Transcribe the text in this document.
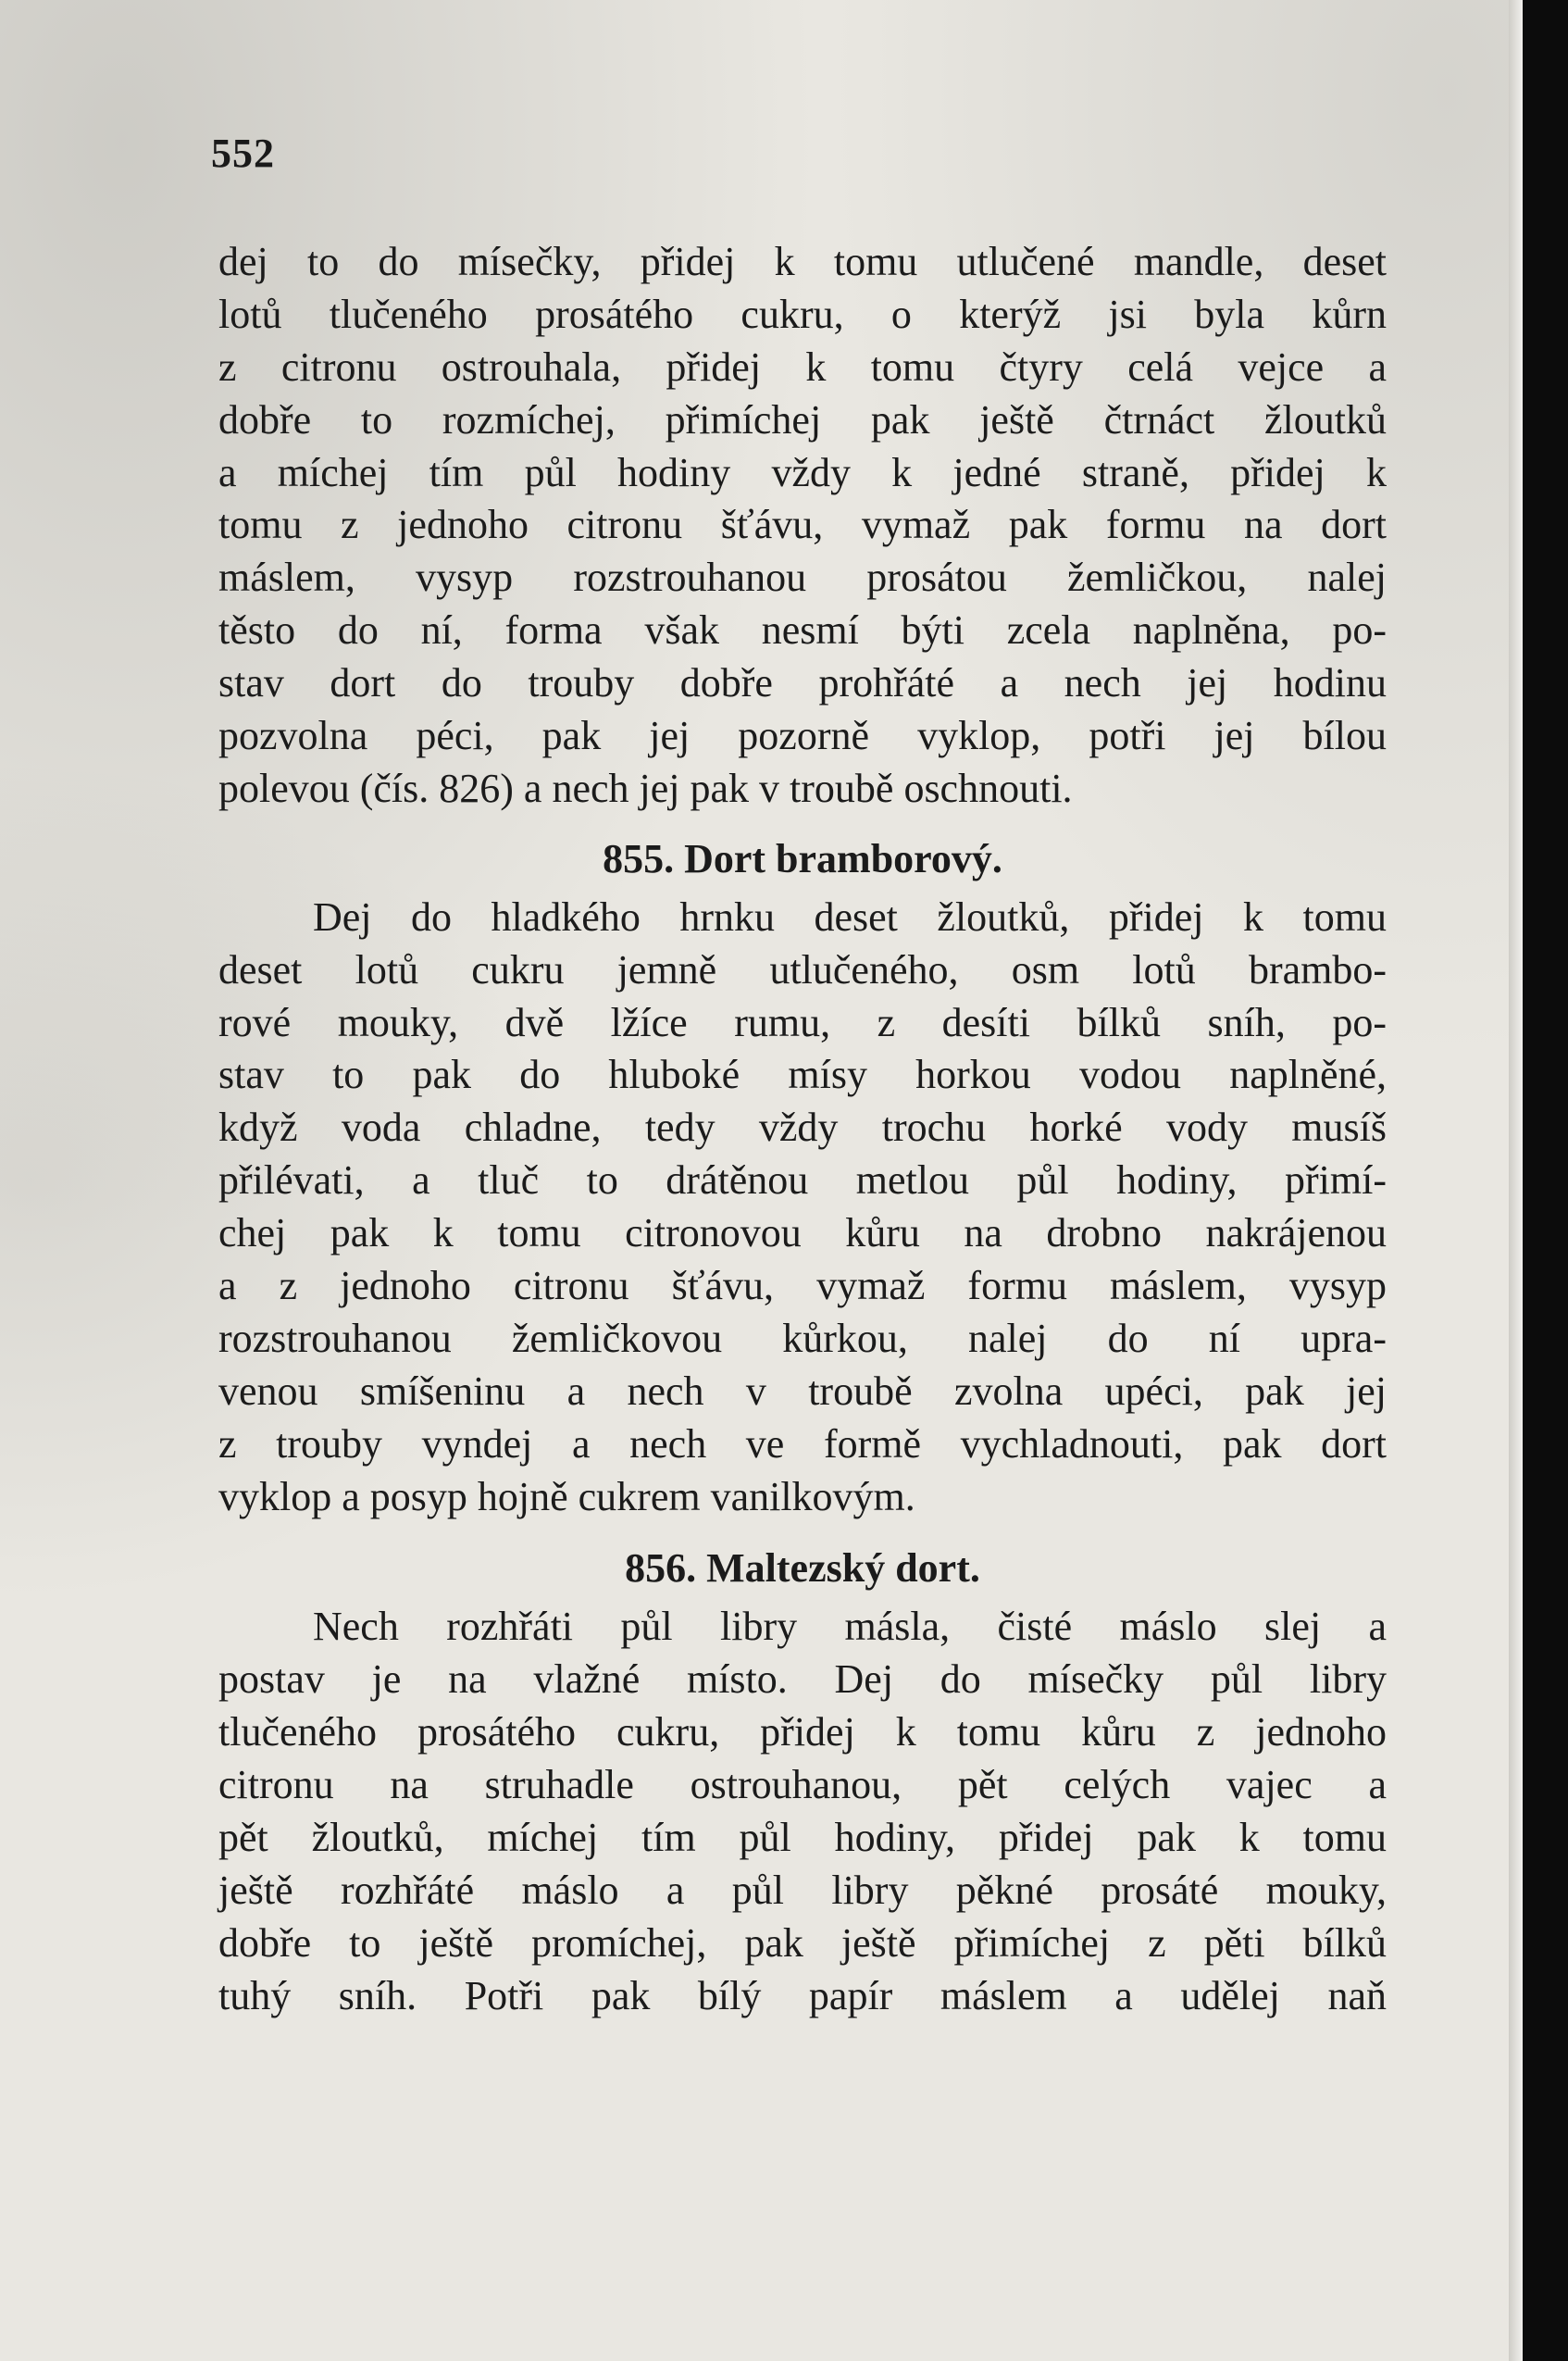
552
dej to do mísečky, přidej k tomu utlučené mandle, deset
lotů tlučeného prosátého cukru, o kterýž jsi byla kůrn
z citronu ostrouhala, přidej k tomu čtyry celá vejce a
dobře to rozmíchej, přimíchej pak ještě čtrnáct žloutků
a míchej tím půl hodiny vždy k jedné straně, přidej k
tomu z jednoho citronu šťávu, vymaž pak formu na dort
máslem, vysyp rozstrouhanou prosátou žemličkou, nalej
těsto do ní, forma však nesmí býti zcela naplněna, po-
stav dort do trouby dobře prohřáté a nech jej hodinu
pozvolna péci, pak jej pozorně vyklop, potři jej bílou
polevou (čís. 826) a nech jej pak v troubě oschnouti.
855. Dort bramborový.
Dej do hladkého hrnku deset žloutků, přidej k tomu
deset lotů cukru jemně utlučeného, osm lotů brambo-
rové mouky, dvě lžíce rumu, z desíti bílků sníh, po-
stav to pak do hluboké mísy horkou vodou naplněné,
když voda chladne, tedy vždy trochu horké vody musíš
přilévati, a tluč to drátěnou metlou půl hodiny, přimí-
chej pak k tomu citronovou kůru na drobno nakrájenou
a z jednoho citronu šťávu, vymaž formu máslem, vysyp
rozstrouhanou žemličkovou kůrkou, nalej do ní upra-
venou smíšeninu a nech v troubě zvolna upéci, pak jej
z trouby vyndej a nech ve formě vychladnouti, pak dort
vyklop a posyp hojně cukrem vanilkovým.
856. Maltezský dort.
Nech rozhřáti půl libry másla, čisté máslo slej a
postav je na vlažné místo. Dej do mísečky půl libry
tlučeného prosátého cukru, přidej k tomu kůru z jednoho
citronu na struhadle ostrouhanou, pět celých vajec a
pět žloutků, míchej tím půl hodiny, přidej pak k tomu
ještě rozhřáté máslo a půl libry pěkné prosáté mouky,
dobře to ještě promíchej, pak ještě přimíchej z pěti bílků
tuhý sníh. Potři pak bílý papír máslem a udělej naň
